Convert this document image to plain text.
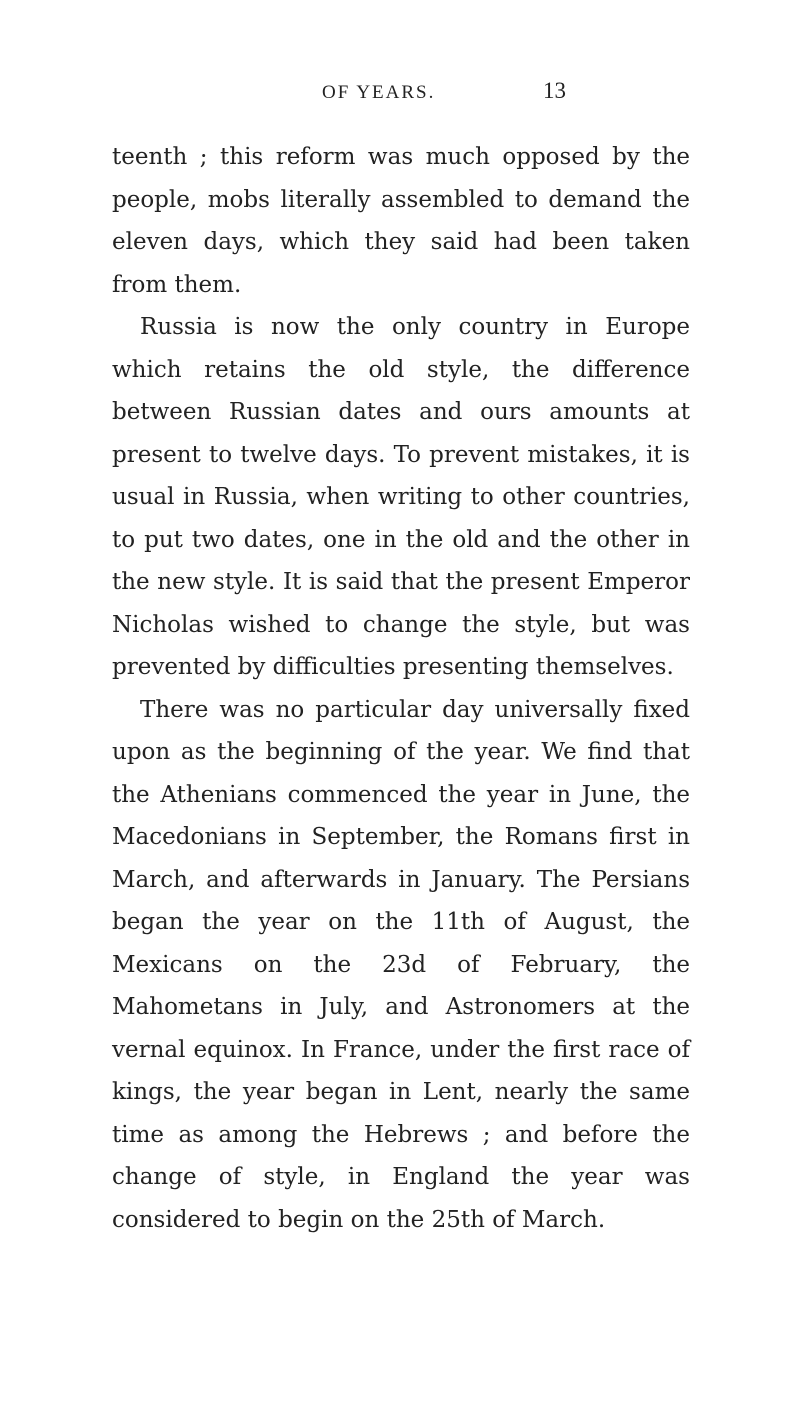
OF YEARS.	13

teenth ; this reform was much opposed by the people, mobs literally assembled to demand the eleven days, which they said had been taken from them.

Russia is now the only country in Europe which retains the old style, the difference between Russian dates and ours amounts at present to twelve days. To prevent mistakes, it is usual in Russia, when writing to other countries, to put two dates, one in the old and the other in the new style. It is said that the present Emperor Nicholas wished to change the style, but was prevented by difficulties presenting themselves.

There was no particular day universally fixed upon as the beginning of the year. We find that the Athenians commenced the year in June, the Macedonians in September, the Romans first in March, and afterwards in January. The Persians began the year on the 11th of August, the Mexicans on the 23d of February, the Mahometans in July, and Astronomers at the vernal equinox. In France, under the first race of kings, the year began in Lent, nearly the same time as among the Hebrews ; and before the change of style, in England the year was considered to begin on the 25th of March.
